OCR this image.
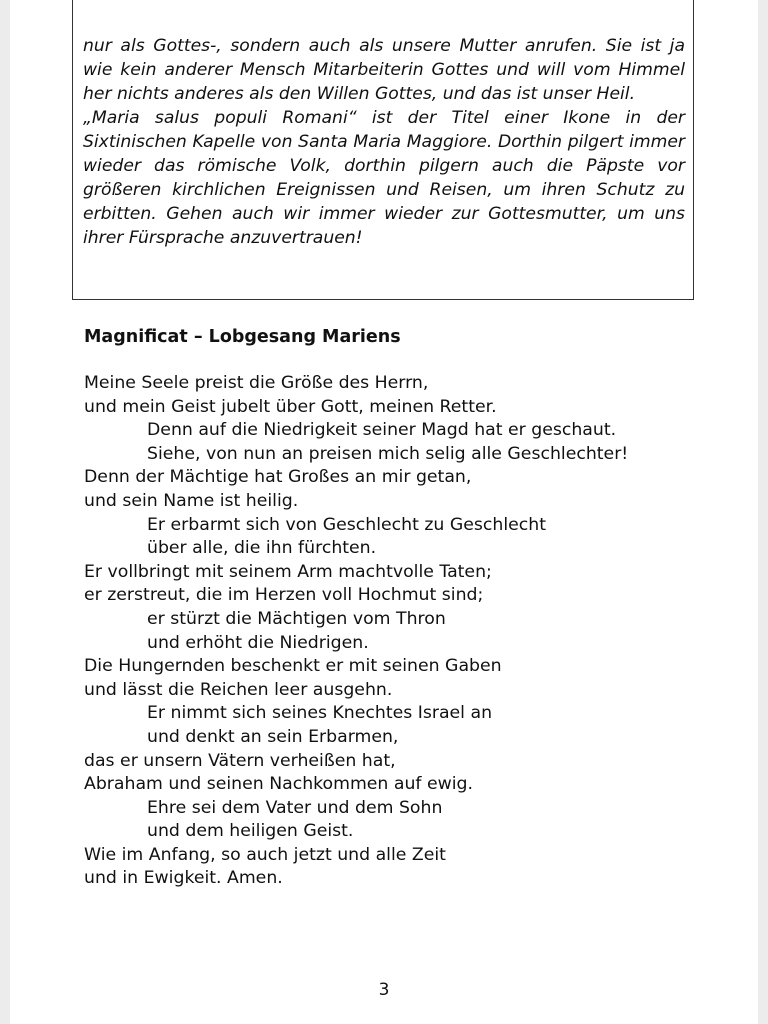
nur als Gottes-, sondern auch als unsere Mutter anrufen. Sie ist ja wie kein anderer Mensch Mitarbeiterin Gottes und will vom Himmel her nichts anderes als den Willen Gottes, und das ist unser Heil.

„Maria salus populi Romani“ ist der Titel einer Ikone in der Sixtinischen Kapelle von Santa Maria Maggiore. Dorthin pilgert immer wieder das römische Volk, dorthin pilgern auch die Päpste vor größeren kirchlichen Ereignissen und Reisen, um ihren Schutz zu erbitten. Gehen auch wir immer wieder zur Gottesmutter, um uns ihrer Fürsprache anzuvertrauen!

Magnificat – Lobgesang Mariens
Meine Seele preist die Größe des Herrn,
und mein Geist jubelt über Gott, meinen Retter.
Denn auf die Niedrigkeit seiner Magd hat er geschaut.
Siehe, von nun an preisen mich selig alle Geschlechter!
Denn der Mächtige hat Großes an mir getan,
und sein Name ist heilig.
Er erbarmt sich von Geschlecht zu Geschlecht
über alle, die ihn fürchten.
Er vollbringt mit seinem Arm machtvolle Taten;
er zerstreut, die im Herzen voll Hochmut sind;
er stürzt die Mächtigen vom Thron
und erhöht die Niedrigen.
Die Hungernden beschenkt er mit seinen Gaben
und lässt die Reichen leer ausgehn.
Er nimmt sich seines Knechtes Israel an
und denkt an sein Erbarmen,
das er unsern Vätern verheißen hat,
Abraham und seinen Nachkommen auf ewig.
Ehre sei dem Vater und dem Sohn
und dem heiligen Geist.
Wie im Anfang, so auch jetzt und alle Zeit
und in Ewigkeit. Amen.
3
